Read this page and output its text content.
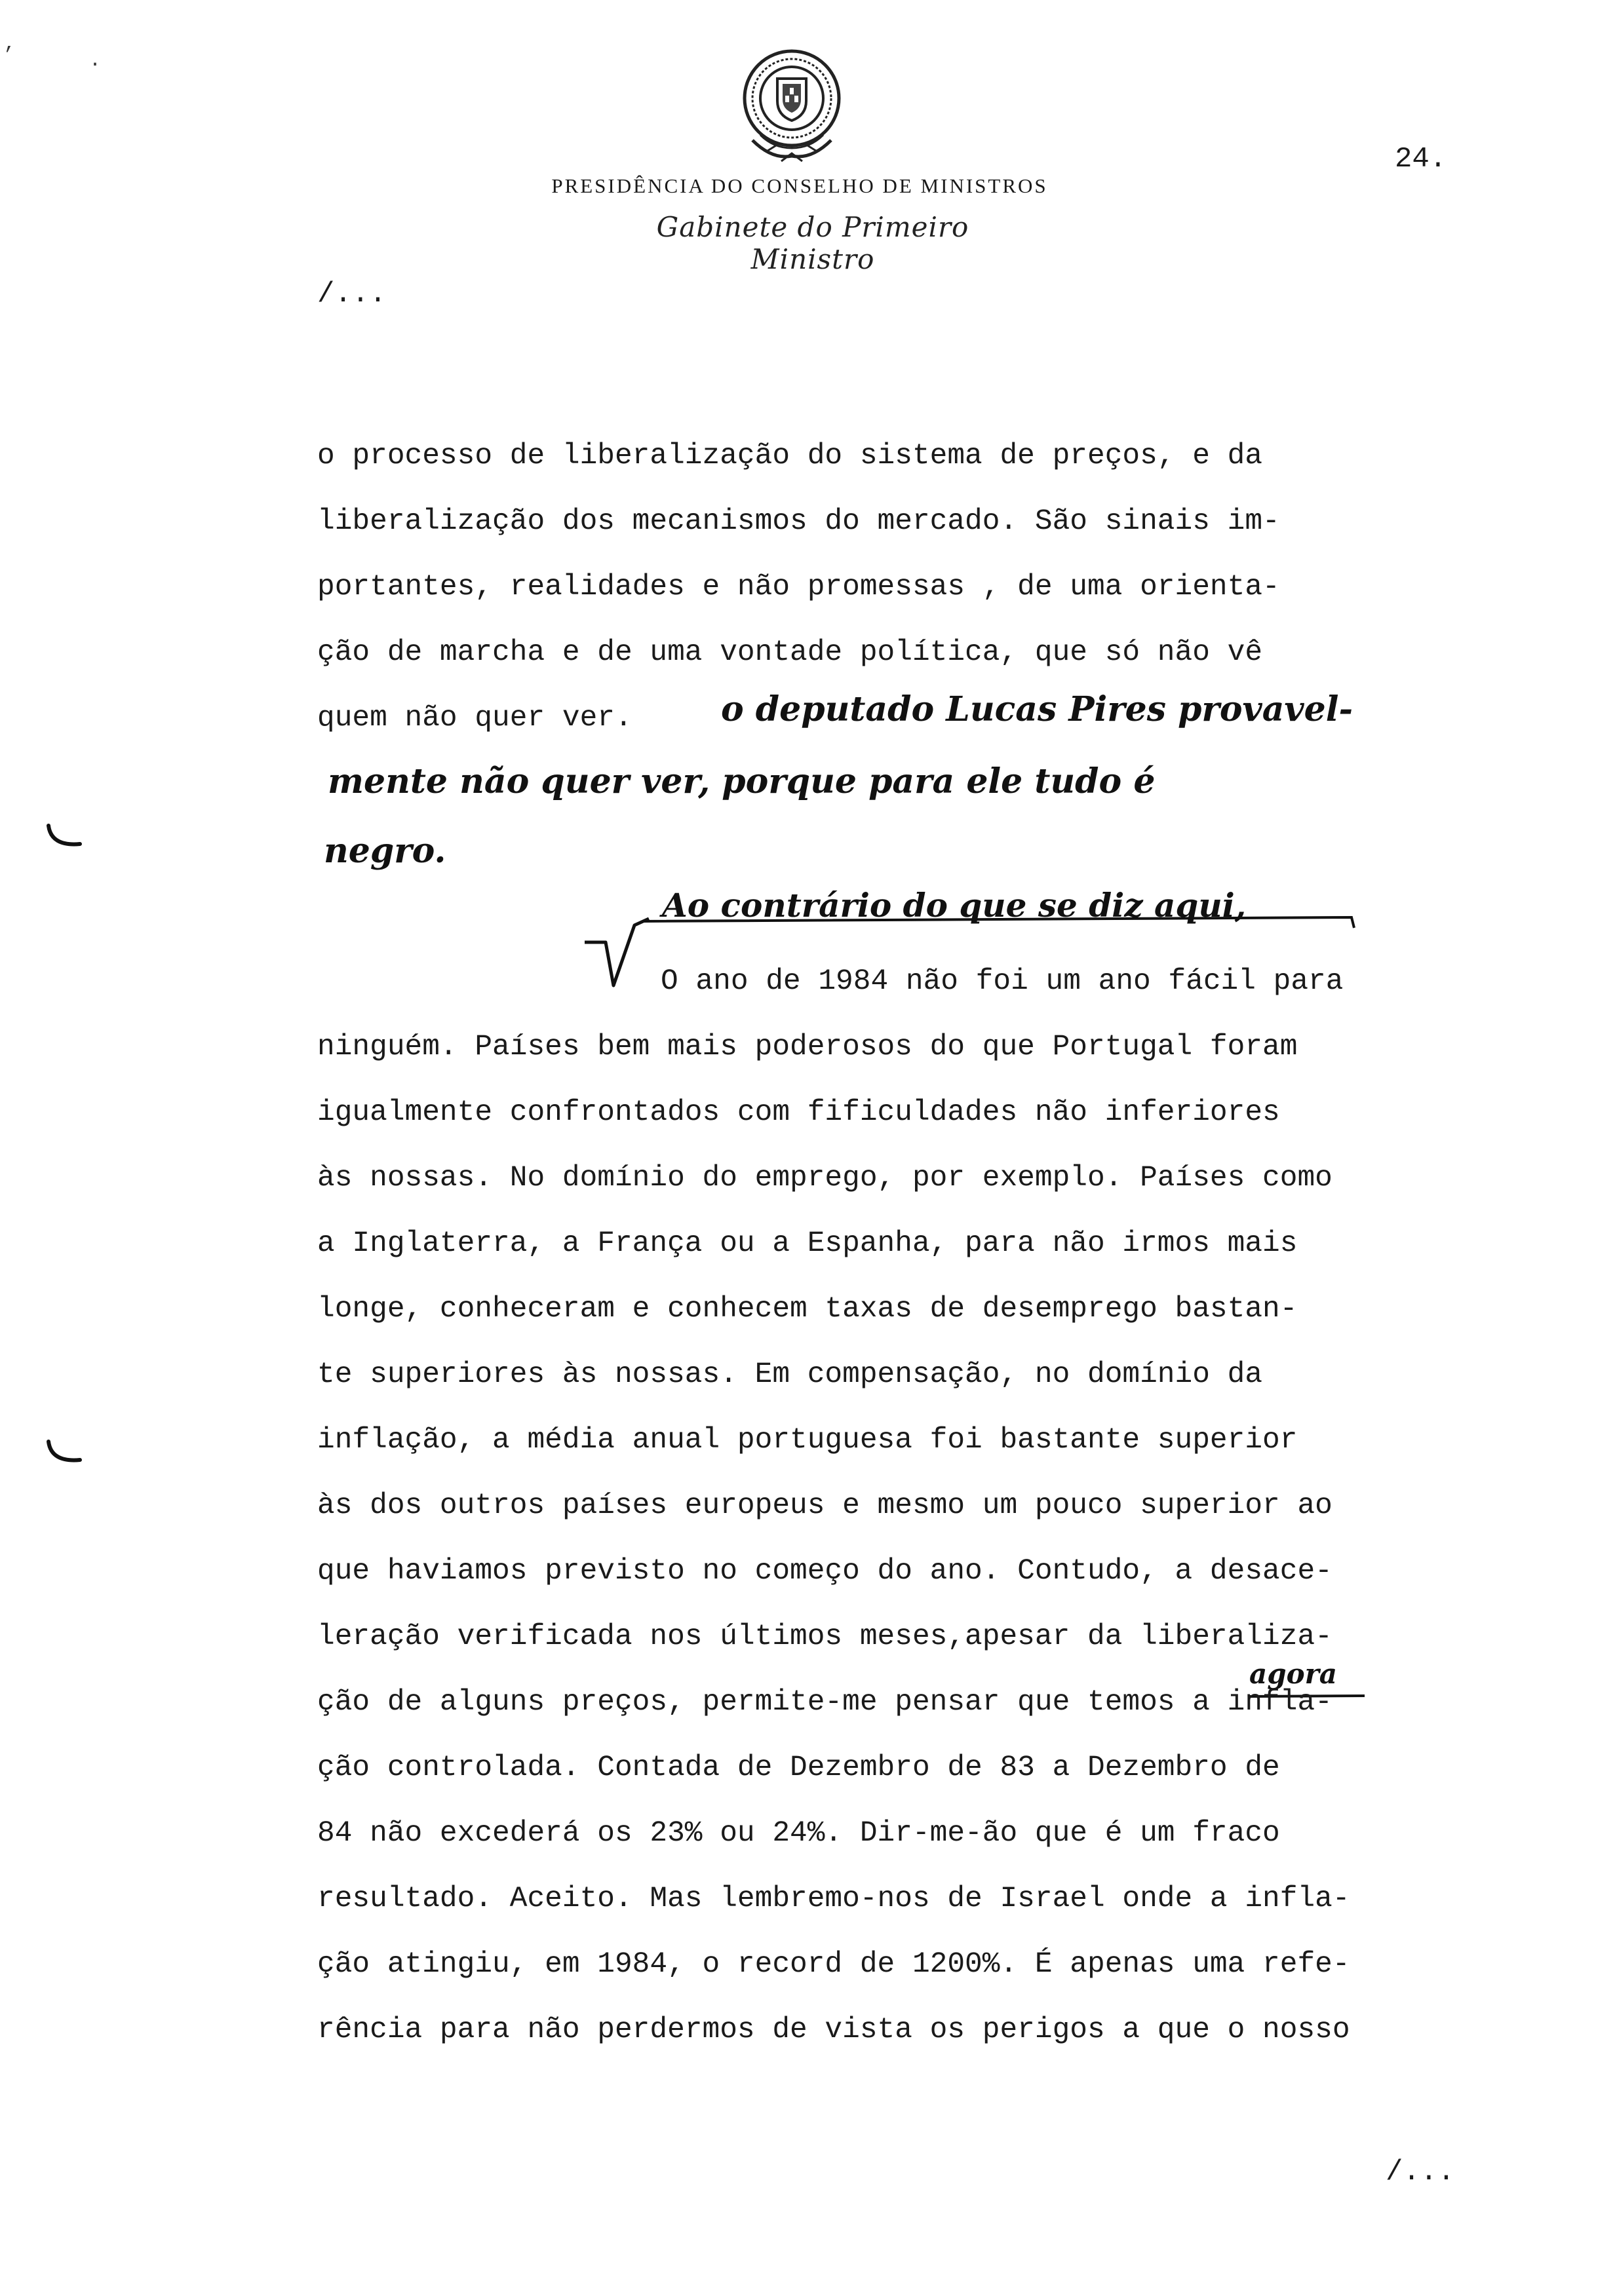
24.
PRESIDÊNCIA DO CONSELHO DE MINISTROS
Gabinete do Primeiro Ministro
/...
,
·
o processo de liberalização do sistema de preços, e da
liberalização dos mecanismos do mercado. São sinais im-
portantes, realidades e não promessas , de uma orienta-
ção de marcha e de uma vontade política, que só não vê
quem não quer ver.	o deputado Lucas Pires provavel-
mente não quer ver, porque para ele tudo é
negro.
Ao contrário do que se diz aqui,
O ano de 1984 não foi um ano fácil para
ninguém. Países bem mais poderosos do que Portugal foram
igualmente confrontados com fificuldades não inferiores
às nossas. No domínio do emprego, por exemplo. Países como
a Inglaterra, a França ou a Espanha, para não irmos mais
longe, conheceram e conhecem taxas de desemprego bastan-
te superiores às nossas. Em compensação, no domínio da
inflação, a média anual portuguesa foi bastante superior
às dos outros países europeus e mesmo um pouco superior ao
que haviamos previsto no começo do ano. Contudo, a desace-
leração verificada nos últimos meses,apesar da liberaliza-
agora
ção de alguns preços, permite-me pensar que temos a infla-
ção controlada. Contada de Dezembro de 83 a Dezembro de
84 não excederá os 23% ou 24%. Dir-me-ão que é um fraco
resultado. Aceito. Mas lembremo-nos de Israel onde a infla-
ção atingiu, em 1984, o record de 1200%. É apenas uma refe-
rência para não perdermos de vista os perigos a que o nosso
/...
